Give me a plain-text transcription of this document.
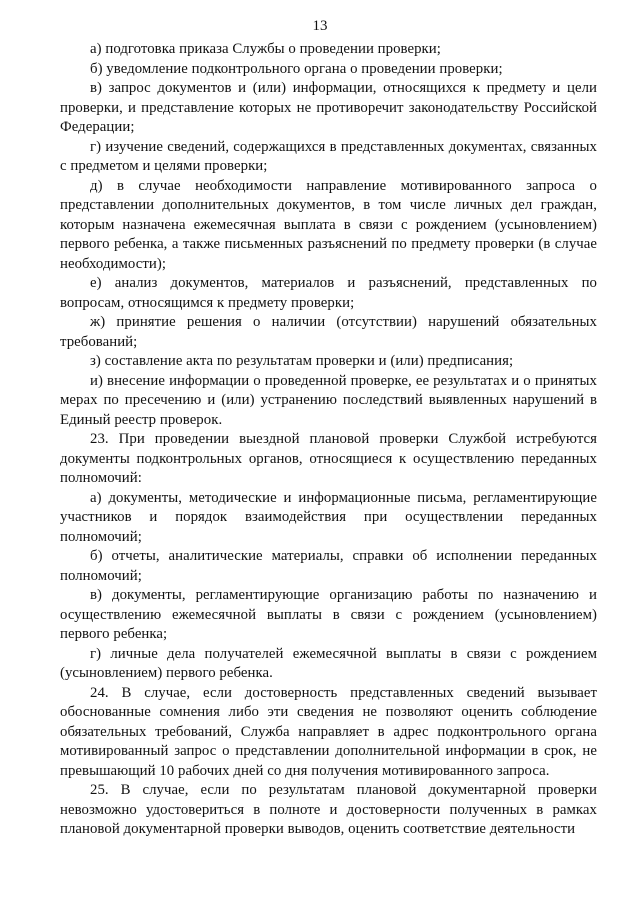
13

а) подготовка приказа Службы о проведении проверки;

б) уведомление подконтрольного органа о проведении проверки;

в) запрос документов и (или) информации, относящихся к предмету и цели проверки, и представление которых не противоречит законодательству Российской Федерации;

г) изучение сведений, содержащихся в представленных документах, связанных с предметом и целями проверки;

д) в случае необходимости направление мотивированного запроса о представлении дополнительных документов, в том числе личных дел граждан, которым назначена ежемесячная выплата в связи с рождением (усыновлением) первого ребенка, а также письменных разъяснений по предмету проверки (в случае необходимости);

е) анализ документов, материалов и разъяснений, представленных по вопросам, относящимся к предмету проверки;

ж) принятие решения о наличии (отсутствии) нарушений обязательных требований;

з) составление акта по результатам проверки и (или) предписания;

и) внесение информации о проведенной проверке, ее результатах и о принятых мерах по пресечению и (или) устранению последствий выявленных нарушений в Единый реестр проверок.

23. При проведении выездной плановой проверки Службой истребуются документы подконтрольных органов, относящиеся к осуществлению переданных полномочий:

а) документы, методические и информационные письма, регламентирующие участников и порядок взаимодействия при осуществлении переданных полномочий;

б) отчеты, аналитические материалы, справки об исполнении переданных полномочий;

в) документы, регламентирующие организацию работы по назначению и осуществлению ежемесячной выплаты в связи с рождением (усыновлением) первого ребенка;

г) личные дела получателей ежемесячной выплаты в связи с рождением (усыновлением) первого ребенка.

24. В случае, если достоверность представленных сведений вызывает обоснованные сомнения либо эти сведения не позволяют оценить соблюдение обязательных требований, Служба направляет в адрес подконтрольного органа мотивированный запрос о представлении дополнительной информации в срок, не превышающий 10 рабочих дней со дня получения мотивированного запроса.

25. В случае, если по результатам плановой документарной проверки невозможно удостовериться в полноте и достоверности полученных в рамках плановой документарной проверки выводов, оценить соответствие деятельности
